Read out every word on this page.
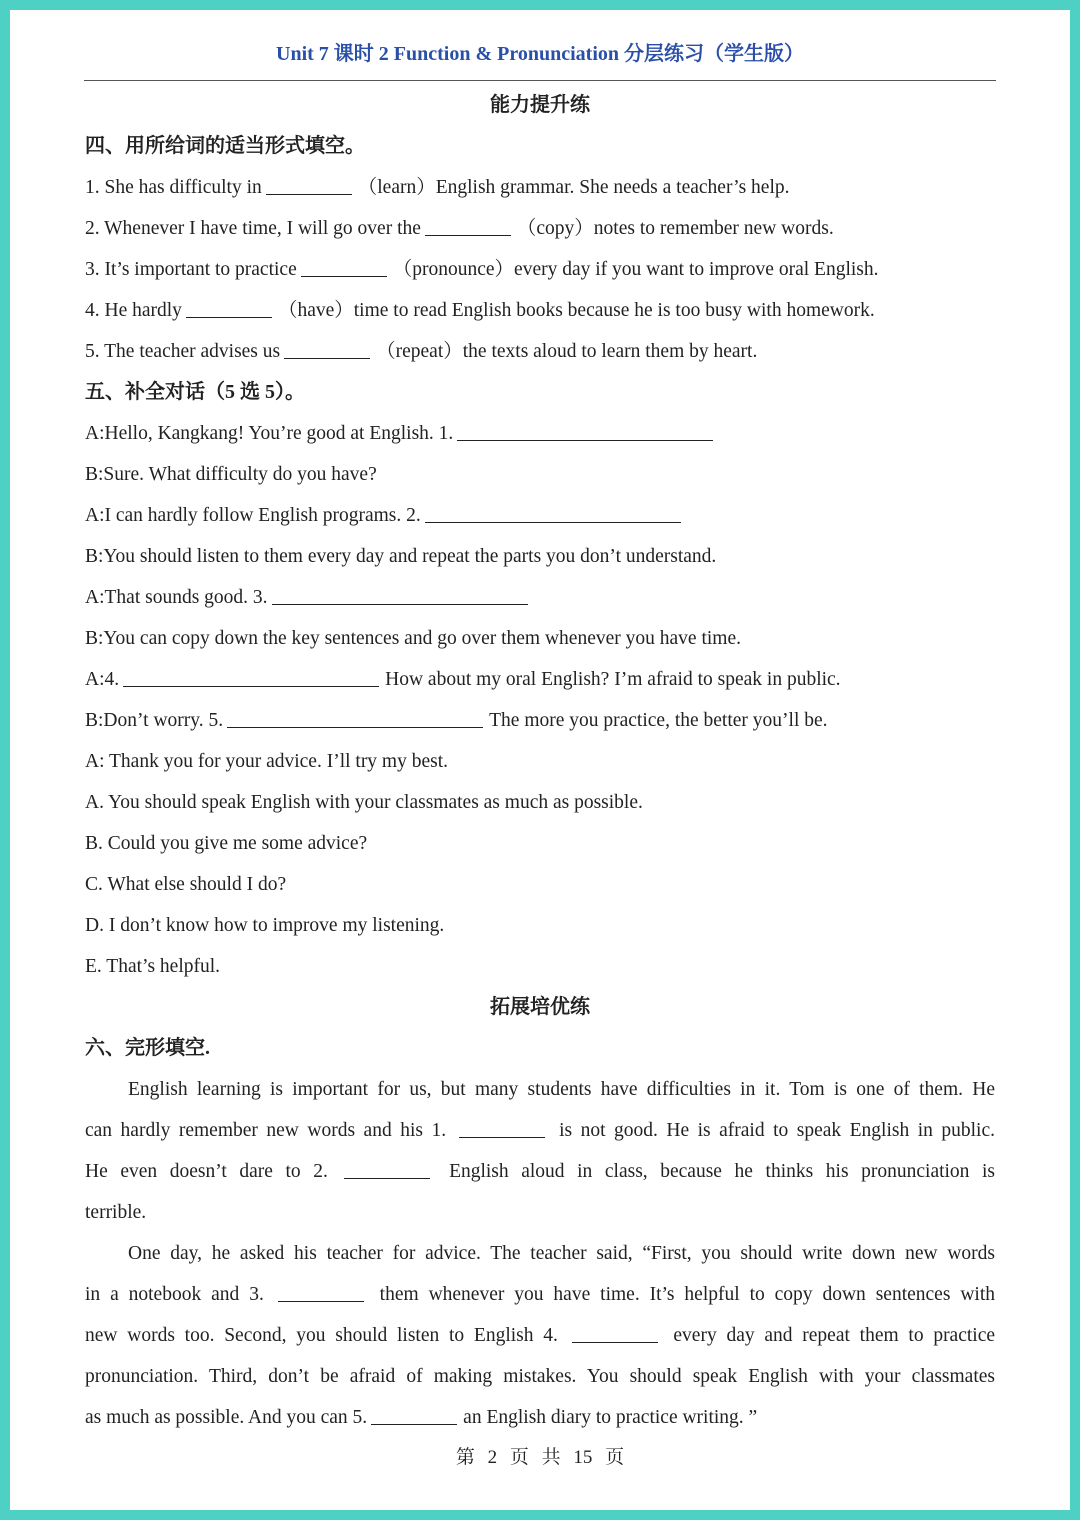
Unit 7 课时 2 Function & Pronunciation 分层练习（学生版）
能力提升练
四、用所给词的适当形式填空。
1. She has difficulty in	（learn）English grammar. She needs a teacher’s help.
2. Whenever I have time, I will go over the	（copy）notes to remember new words.
3. It’s important to practice	（pronounce）every day if you want to improve oral English.
4. He hardly	（have）time to read English books because he is too busy with homework.
5. The teacher advises us	（repeat）the texts aloud to learn them by heart.
五、补全对话（5 选 5）。
A:Hello, Kangkang! You’re good at English. 1.
B:Sure. What difficulty do you have?
A:I can hardly follow English programs. 2.
B:You should listen to them every day and repeat the parts you don’t understand.
A:That sounds good. 3.
B:You can copy down the key sentences and go over them whenever you have time.
A:4.	How about my oral English? I’m afraid to speak in public.
B:Don’t worry. 5.	The more you practice, the better you’ll be.
A: Thank you for your advice. I’ll try my best.
A. You should speak English with your classmates as much as possible.
B. Could you give me some advice?
C. What else should I do?
D. I don’t know how to improve my listening.
E. That’s helpful.
拓展培优练
六、完形填空.
English learning is important for us, but many students have difficulties in it. Tom is one of them. He
can hardly remember new words and his 1.	is not good. He is afraid to speak English in public.
He even doesn’t dare to 2.	English aloud in class, because he thinks his pronunciation is
terrible.
One day, he asked his teacher for advice. The teacher said, “First, you should write down new words
in a notebook and 3.	them whenever you have time. It’s helpful to copy down sentences with
new words too. Second, you should listen to English 4.	every day and repeat them to practice
pronunciation. Third, don’t be afraid of making mistakes. You should speak English with your classmates
as much as possible. And you can 5.	an English diary to practice writing. ”
第 2 页 共 15 页
